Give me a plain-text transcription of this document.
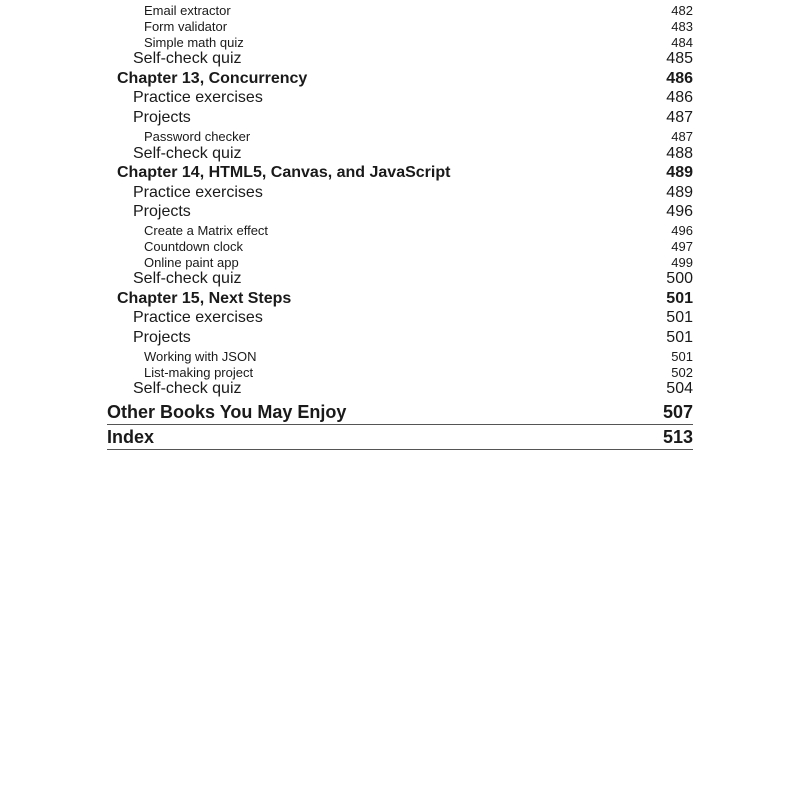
Email extractor	482
Form validator	483
Simple math quiz	484
Self-check quiz	485
Chapter 13, Concurrency	486
Practice exercises	486
Projects	487
Password checker	487
Self-check quiz	488
Chapter 14, HTML5, Canvas, and JavaScript	489
Practice exercises	489
Projects	496
Create a Matrix effect	496
Countdown clock	497
Online paint app	499
Self-check quiz	500
Chapter 15, Next Steps	501
Practice exercises	501
Projects	501
Working with JSON	501
List-making project	502
Self-check quiz	504
Other Books You May Enjoy	507
Index	513
